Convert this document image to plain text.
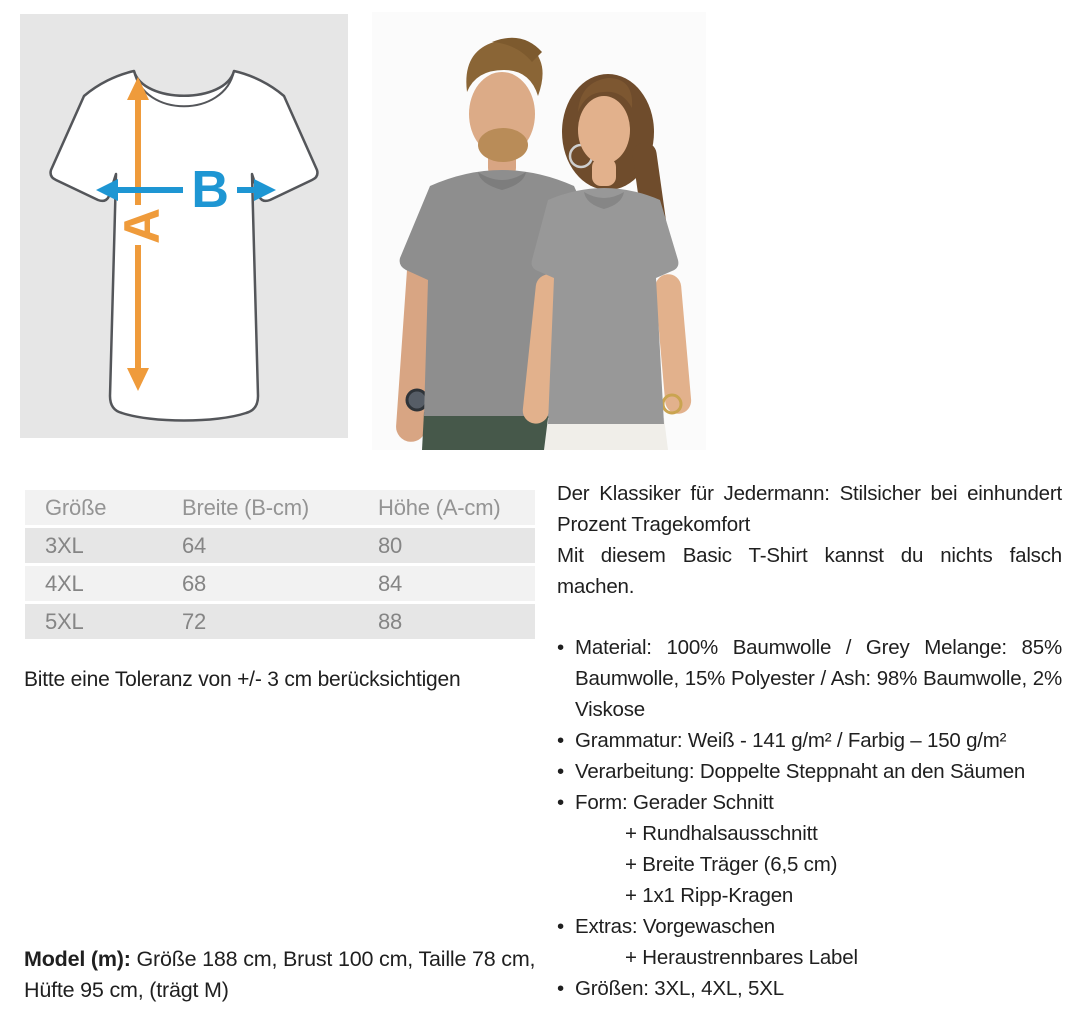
A
B
Größe	Breite (B-cm)	Höhe (A-cm)
3XL	64	80
4XL	68	84
5XL	72	88
Bitte eine Toleranz von +/- 3 cm berücksichtigen

Der Klassiker für Jedermann: Stilsicher bei einhundert Prozent Tragekomfort

Mit diesem Basic T-Shirt kannst du nichts falsch machen.

• Material: 100% Baumwolle / Grey Melange: 85% Baumwolle, 15% Polyester / Ash: 98% Baumwolle, 2% Viskose
• Grammatur: Weiß - 141 g/m² / Farbig – 150 g/m²
• Verarbeitung: Doppelte Steppnaht an den Säumen
• Form: Gerader Schnitt
+ Rundhalsausschnitt
+ Breite Träger (6,5 cm)
+ 1x1 Ripp-Kragen
• Extras: Vorgewaschen
+ Heraustrennbares Label
• Größen: 3XL, 4XL, 5XL
Model (m): Größe 188 cm, Brust 100 cm, Taille 78 cm, Hüfte 95 cm, (trägt M)
